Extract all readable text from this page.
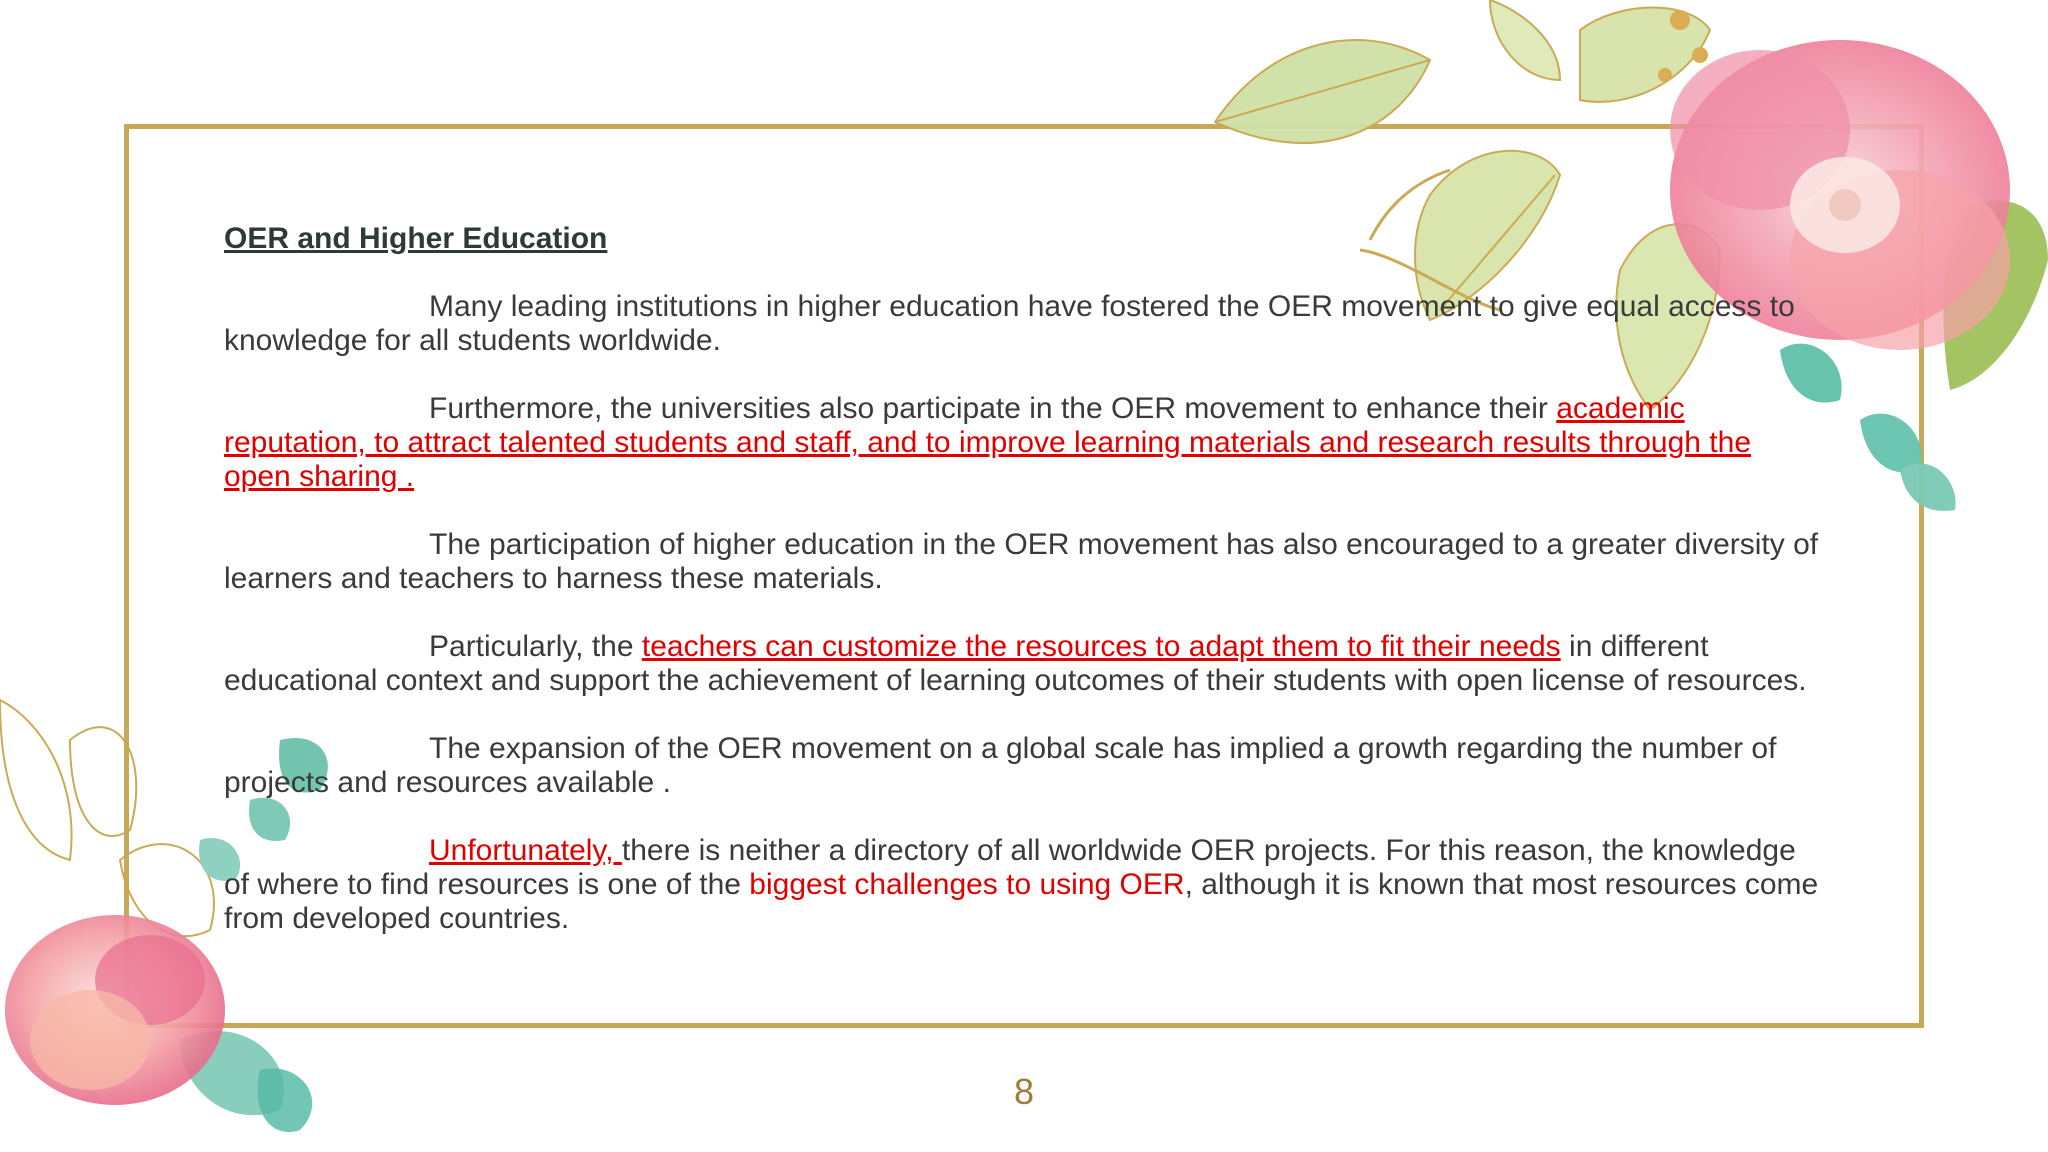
OER and Higher Education

Many leading institutions in higher education have fostered the OER movement to give equal access to knowledge for all students worldwide.

Furthermore, the universities also participate in the OER movement to enhance their academic reputation, to attract talented students and staff, and to improve learning materials and research results through the open sharing .

The participation of higher education in the OER movement has also encouraged to a greater diversity of learners and teachers to harness these materials.

Particularly, the teachers can customize the resources to adapt them to fit their needs in different educational context and support the achievement of learning outcomes of their students with open license of resources.

The expansion of the OER movement on a global scale has implied a growth regarding the number of projects and resources available .

Unfortunately, there is neither a directory of all worldwide OER projects. For this reason, the knowledge of where to find resources is one of the biggest challenges to using OER, although it is known that most resources come from developed countries.

8
